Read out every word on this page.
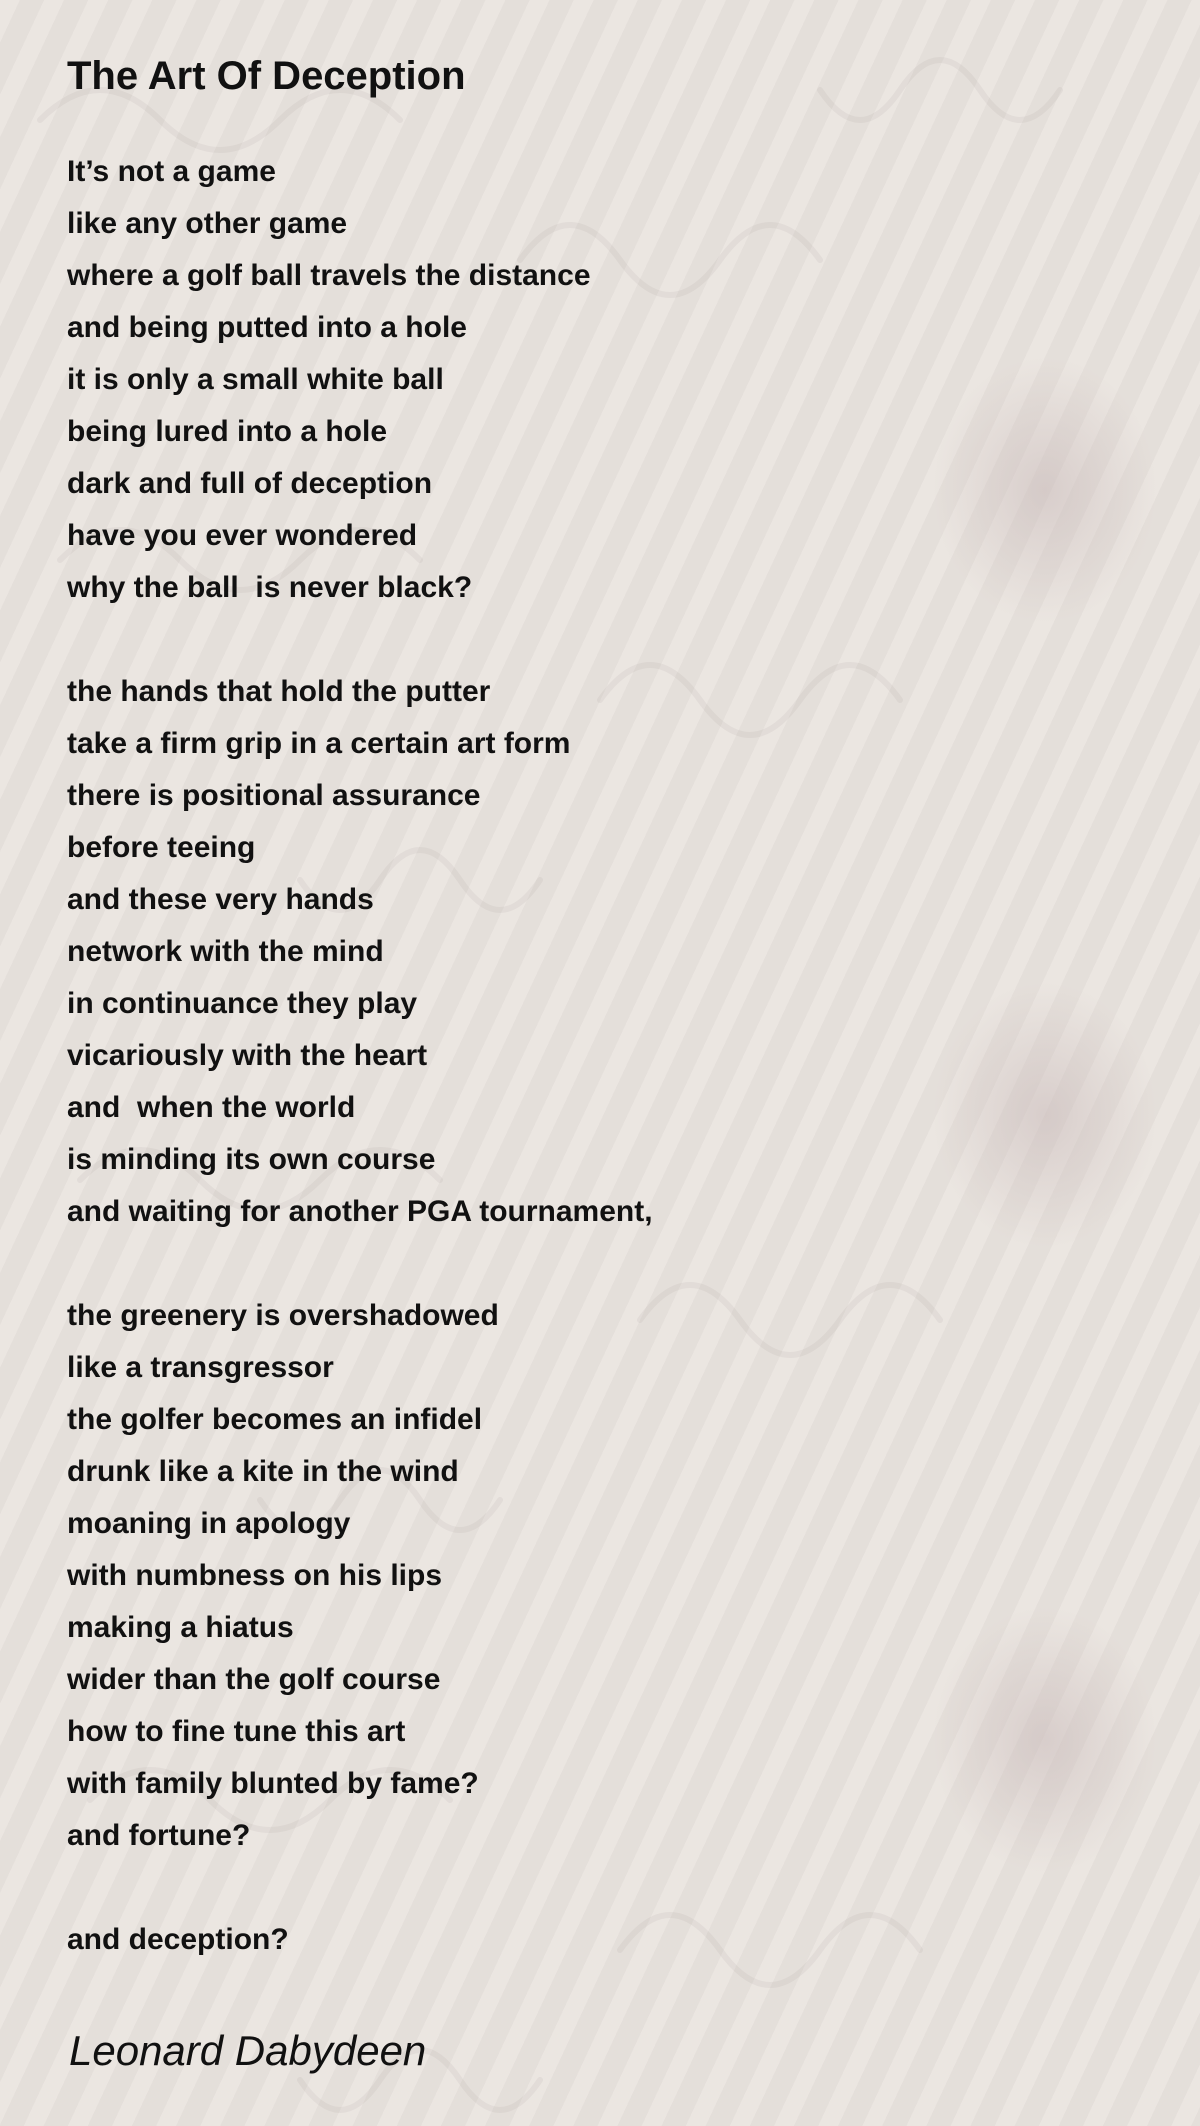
The Art Of Deception
It’s not a game
like any other game
where a golf ball travels the distance
and being putted into a hole
it is only a small white ball
being lured into a hole
dark and full of deception
have you ever wondered
why the ball  is never black?
the hands that hold the putter
take a firm grip in a certain art form
there is positional assurance
before teeing
and these very hands
network with the mind
in continuance they play
vicariously with the heart
and  when the world
is minding its own course
and waiting for another PGA tournament,
the greenery is overshadowed
like a transgressor
the golfer becomes an infidel
drunk like a kite in the wind
moaning in apology
with numbness on his lips
making a hiatus
wider than the golf course
how to fine tune this art
with family blunted by fame?
and fortune?
and deception?

Leonard Dabydeen
